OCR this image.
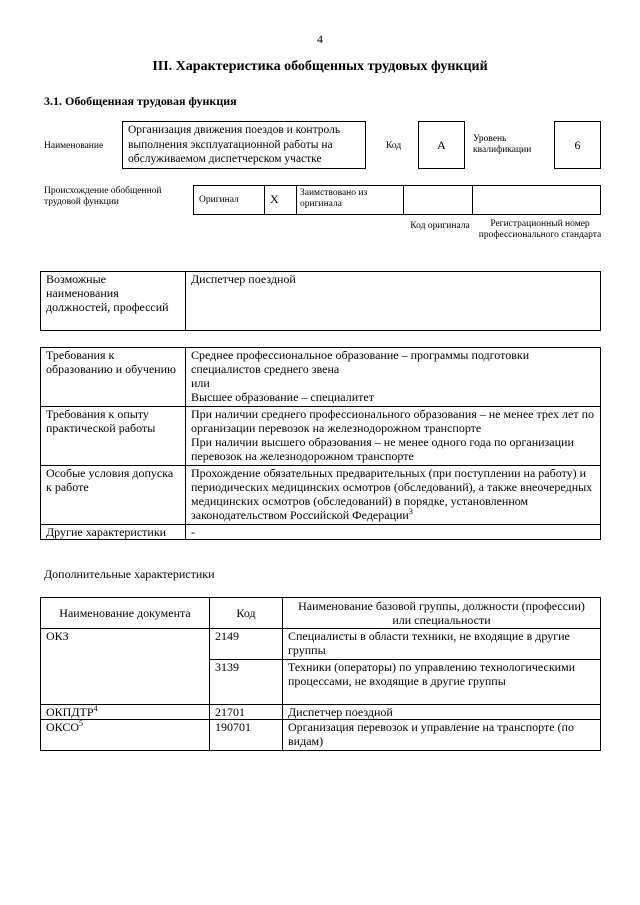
4
III. Характеристика обобщенных трудовых функций
3.1. Обобщенная трудовая функция
Наименование
Организация движения поездов и контроль выполнения эксплуатационной работы на обслуживаемом диспетчерском участке
Код	A	Уровень квалификации	6
Происхождение обобщенной трудовой функции	Оригинал	X Заимствовано из оригинала
Код оригинала	Регистрационный номер профессионального стандарта
Возможные наименования должностей, профессий	Диспетчер поездной
Требования к образованию и обучению	Среднее профессиональное образование – программы подготовки специалистов среднего звена
или
Высшее образование – специалитет

Требования к опыту практической работы	При наличии среднего профессионального образования – не менее трех лет по организации перевозок на железнодорожном транспорте
При наличии высшего образования – не менее одного года по организации перевозок на железнодорожном транспорте

Особые условия допуска к работе	Прохождение обязательных предварительных (при поступлении на работу) и периодических медицинских осмотров (обследований), а также внеочередных медицинских осмотров (обследований) в порядке, установленном законодательством Российской Федерации$^3$
Другие характеристики	-
Дополнительные характеристики
Наименование документа	Код	Наименование базовой группы, должности (профессии) или специальности
ОКЗ	2149	Специалисты в области техники, не входящие в другие группы
	3139	Техники (операторы) по управлению технологическими процессами, не входящие в другие группы
ОКПДТР$^4$	21701	Диспетчер поездной
ОКСО$^5$	190701	Организация перевозок и управление на транспорте (по видам)
